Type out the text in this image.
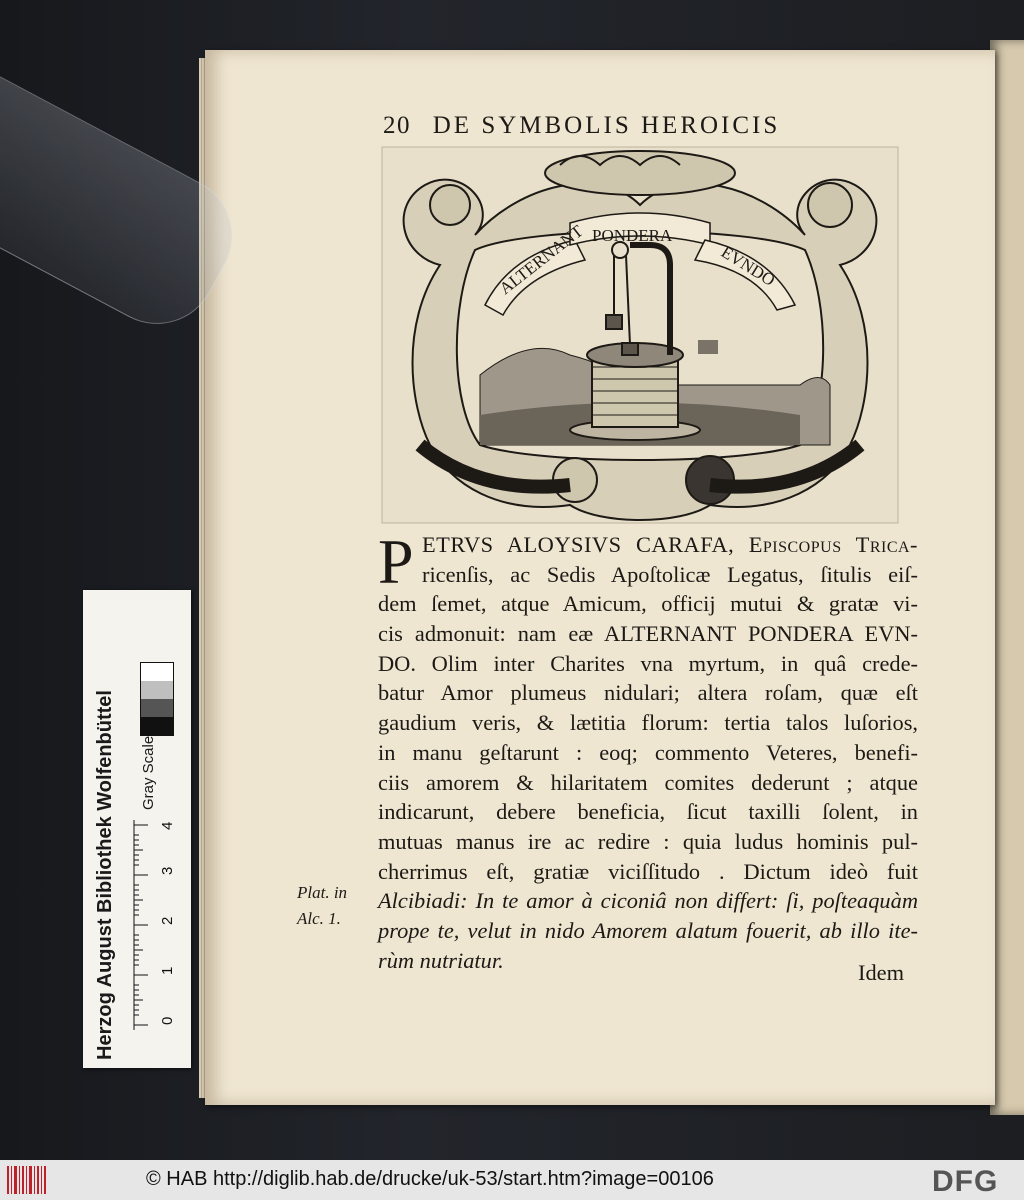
20 DE SYMBOLIS HEROICIS
ALTERNANT PONDERA
EVNDO
P ETRVS ALOYSIVS CARAFA, Epiſcopus Trica-
ricenſis, ac Sedis Apoſtolicæ Legatus, ſitulis eiſ-
dem ſemet, atque Amicum, officij mutui & gratæ vi-
cis admonuit: nam eæ ALTERNANT PONDERA EVN-
DO. Olim inter Charites vna myrtum, in quâ crede-
batur Amor plumeus nidulari; altera roſam, quæ eſt
gaudium veris, & lætitia florum: tertia talos luſorios,
in manu geſtarunt : eoq; commento Veteres, benefi-
ciis amorem & hilaritatem comites dederunt ; atque
indicarunt, debere beneficia, ſicut taxilli ſolent, in
mutuas manus ire ac redire : quia ludus hominis pul-
cherrimus eſt, gratiæ viciſſitudo . Dictum ideò fuit
Alcibiadi: In te amor à ciconiâ non differt: ſi, poſteaquàm
prope te, velut in nido Amorem alatum fouerit, ab illo ite-
rùm nutriatur.
Plat. in
Alc. 1.
Idem
Herzog August Bibliothek Wolfenbüttel Gray Scale
0
1
2
3
4
© HAB http://diglib.hab.de/drucke/uk-53/start.htm?image=00106	DFG
